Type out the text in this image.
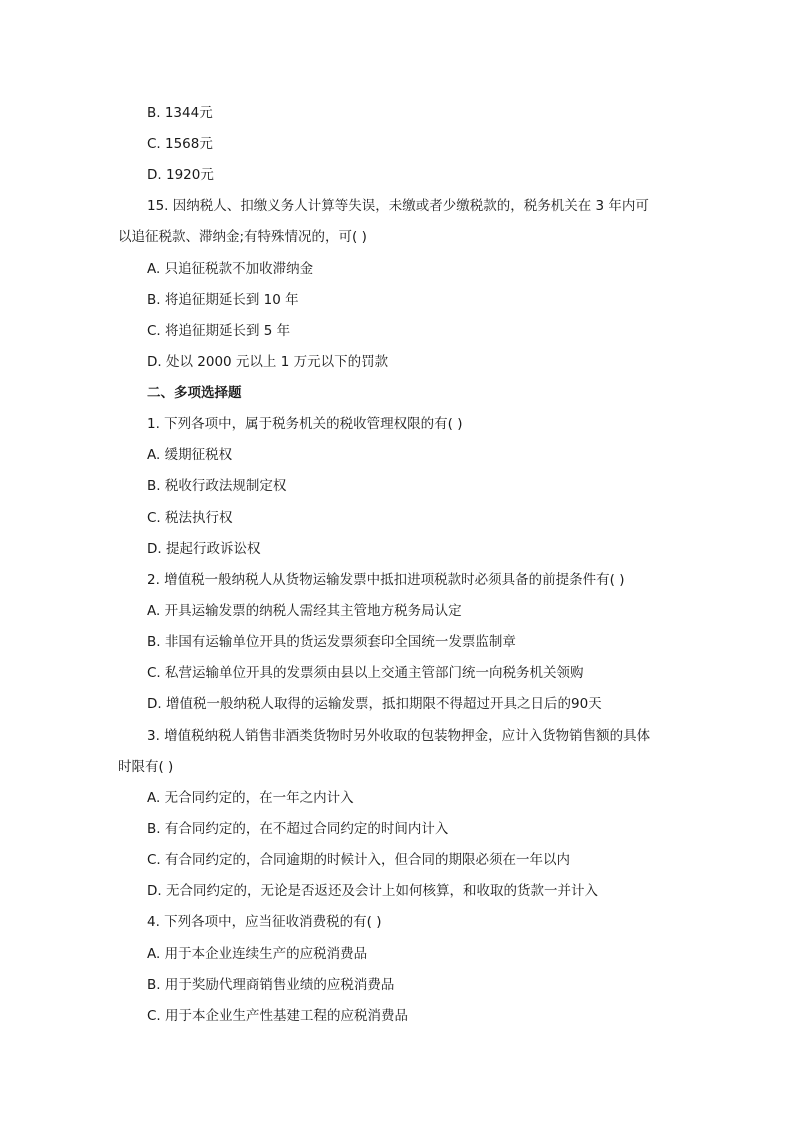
B. 1344元
C. 1568元
D. 1920元
15. 因纳税人、扣缴义务人计算等失误，未缴或者少缴税款的，税务机关在 3 年内可
以追征税款、滞纳金;有特殊情况的，可( )
A. 只追征税款不加收滞纳金
B. 将追征期延长到 10 年
C. 将追征期延长到 5 年
D. 处以 2000 元以上 1 万元以下的罚款
二、多项选择题
1. 下列各项中，属于税务机关的税收管理权限的有( )
A. 缓期征税权
B. 税收行政法规制定权
C. 税法执行权
D. 提起行政诉讼权
2. 增值税一般纳税人从货物运输发票中抵扣进项税款时必须具备的前提条件有( )
A. 开具运输发票的纳税人需经其主管地方税务局认定
B. 非国有运输单位开具的货运发票须套印全国统一发票监制章
C. 私营运输单位开具的发票须由县以上交通主管部门统一向税务机关领购
D. 增值税一般纳税人取得的运输发票，抵扣期限不得超过开具之日后的90天
3. 增值税纳税人销售非酒类货物时另外收取的包装物押金，应计入货物销售额的具体
时限有( )
A. 无合同约定的，在一年之内计入
B. 有合同约定的，在不超过合同约定的时间内计入
C. 有合同约定的，合同逾期的时候计入，但合同的期限必须在一年以内
D. 无合同约定的，无论是否返还及会计上如何核算，和收取的货款一并计入
4. 下列各项中，应当征收消费税的有( )
A. 用于本企业连续生产的应税消费品
B. 用于奖励代理商销售业绩的应税消费品
C. 用于本企业生产性基建工程的应税消费品
